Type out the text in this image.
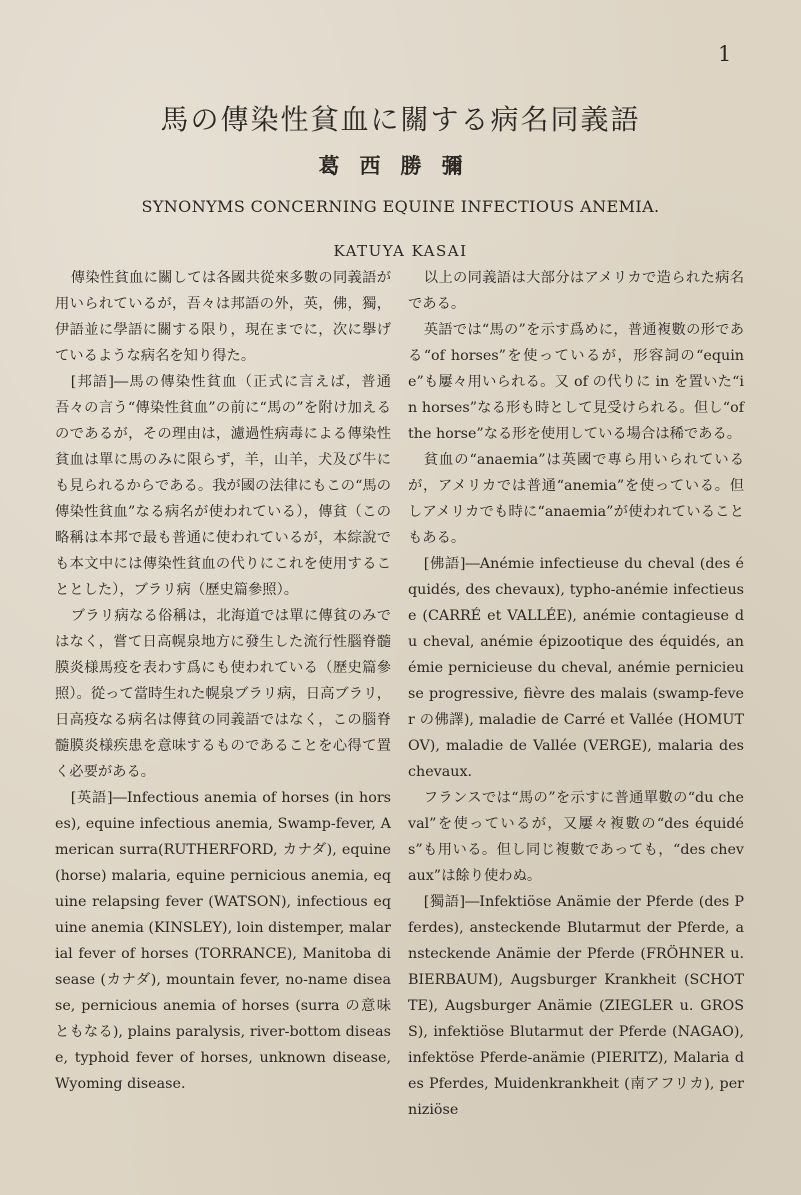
1
馬の傳染性貧血に關する病名同義語
葛西勝彌
SYNONYMS CONCERNING EQUINE INFECTIOUS ANEMIA.
KATUYA KASAI

傳染性貧血に關しては各國共從來多數の同義語が用いられているが，吾々は邦語の外，英，佛，獨，伊語並に學語に關する限り，現在までに，次に擧げているような病名を知り得た。

[邦語]―馬の傳染性貧血（正式に言えば，普通吾々の言う“傳染性貧血”の前に“馬の”を附け加えるのであるが，その理由は，濾過性病毒による傳染性貧血は單に馬のみに限らず，羊，山羊，犬及び牛にも見られるからである。我が國の法律にもこの“馬の傳染性貧血”なる病名が使われている），傳貧（この略稱は本邦で最も普通に使われているが，本綜說でも本文中には傳染性貧血の代りにこれを使用することとした），ブラリ病（歷史篇參照）。

ブラリ病なる俗稱は，北海道では單に傳貧のみではなく，嘗て日高幌泉地方に發生した流行性腦脊髓膜炎様馬疫を表わす爲にも使われている（歷史篇參照）。從って當時生れた幌泉ブラリ病，日高ブラリ，日高疫なる病名は傳貧の同義語ではなく，この腦脊髓膜炎様疾患を意味するものであることを心得て置く必要がある。

[英語]―Infectious anemia of horses (in horses), equine infectious anemia, Swamp-fever, American surra(RUTHERFORD, カナダ), equine (horse) malaria, equine pernicious anemia, equine relapsing fever (WATSON), infectious equine anemia (KINSLEY), loin distemper, malarial fever of horses (TORRANCE), Manitoba disease (カナダ), mountain fever, no-name disease, pernicious anemia of horses (surra の意味ともなる), plains paralysis, river-bottom disease, typhoid fever of horses, unknown disease, Wyoming disease.

以上の同義語は大部分はアメリカで造られた病名である。

英語では“馬の”を示す爲めに，普通複數の形である“of horses”を使っているが，形容詞の“equine”も屢々用いられる。又 of の代りに in を置いた“in horses”なる形も時として見受けられる。但し“of the horse”なる形を使用している場合は稀である。

貧血の“anaemia”は英國で專ら用いられているが，アメリカでは普通“anemia”を使っている。但しアメリカでも時に“anaemia”が使われていることもある。

[佛語]―Anémie infectieuse du cheval (des équidés, des chevaux), typho-anémie infectieuse (CARRÉ et VALLÉE), anémie contagieuse du cheval, anémie épizootique des équidés, anémie pernicieuse du cheval, anémie pernicieuse progressive, fièvre des malais (swamp-fever の佛譯), maladie de Carré et Vallée (HOMUTOV), maladie de Vallée (VERGE), malaria des chevaux.

フランスでは“馬の”を示すに普通單數の“du cheval”を使っているが，又屢々複數の“des équidés”も用いる。但し同じ複數であっても，“des chevaux”は餘り使わぬ。

[獨語]―Infektiöse Anämie der Pferde (des Pferdes), ansteckende Blutarmut der Pferde, ansteckende Anämie der Pferde (FRÖHNER u. BIERBAUM), Augsburger Krankheit (SCHOTTE), Augsburger Anämie (ZIEGLER u. GROSS), infektiöse Blutarmut der Pferde (NAGAO), infektöse Pferde-anämie (PIERITZ), Malaria des Pferdes, Muidenkrankheit (南アフリカ), perniziöse
